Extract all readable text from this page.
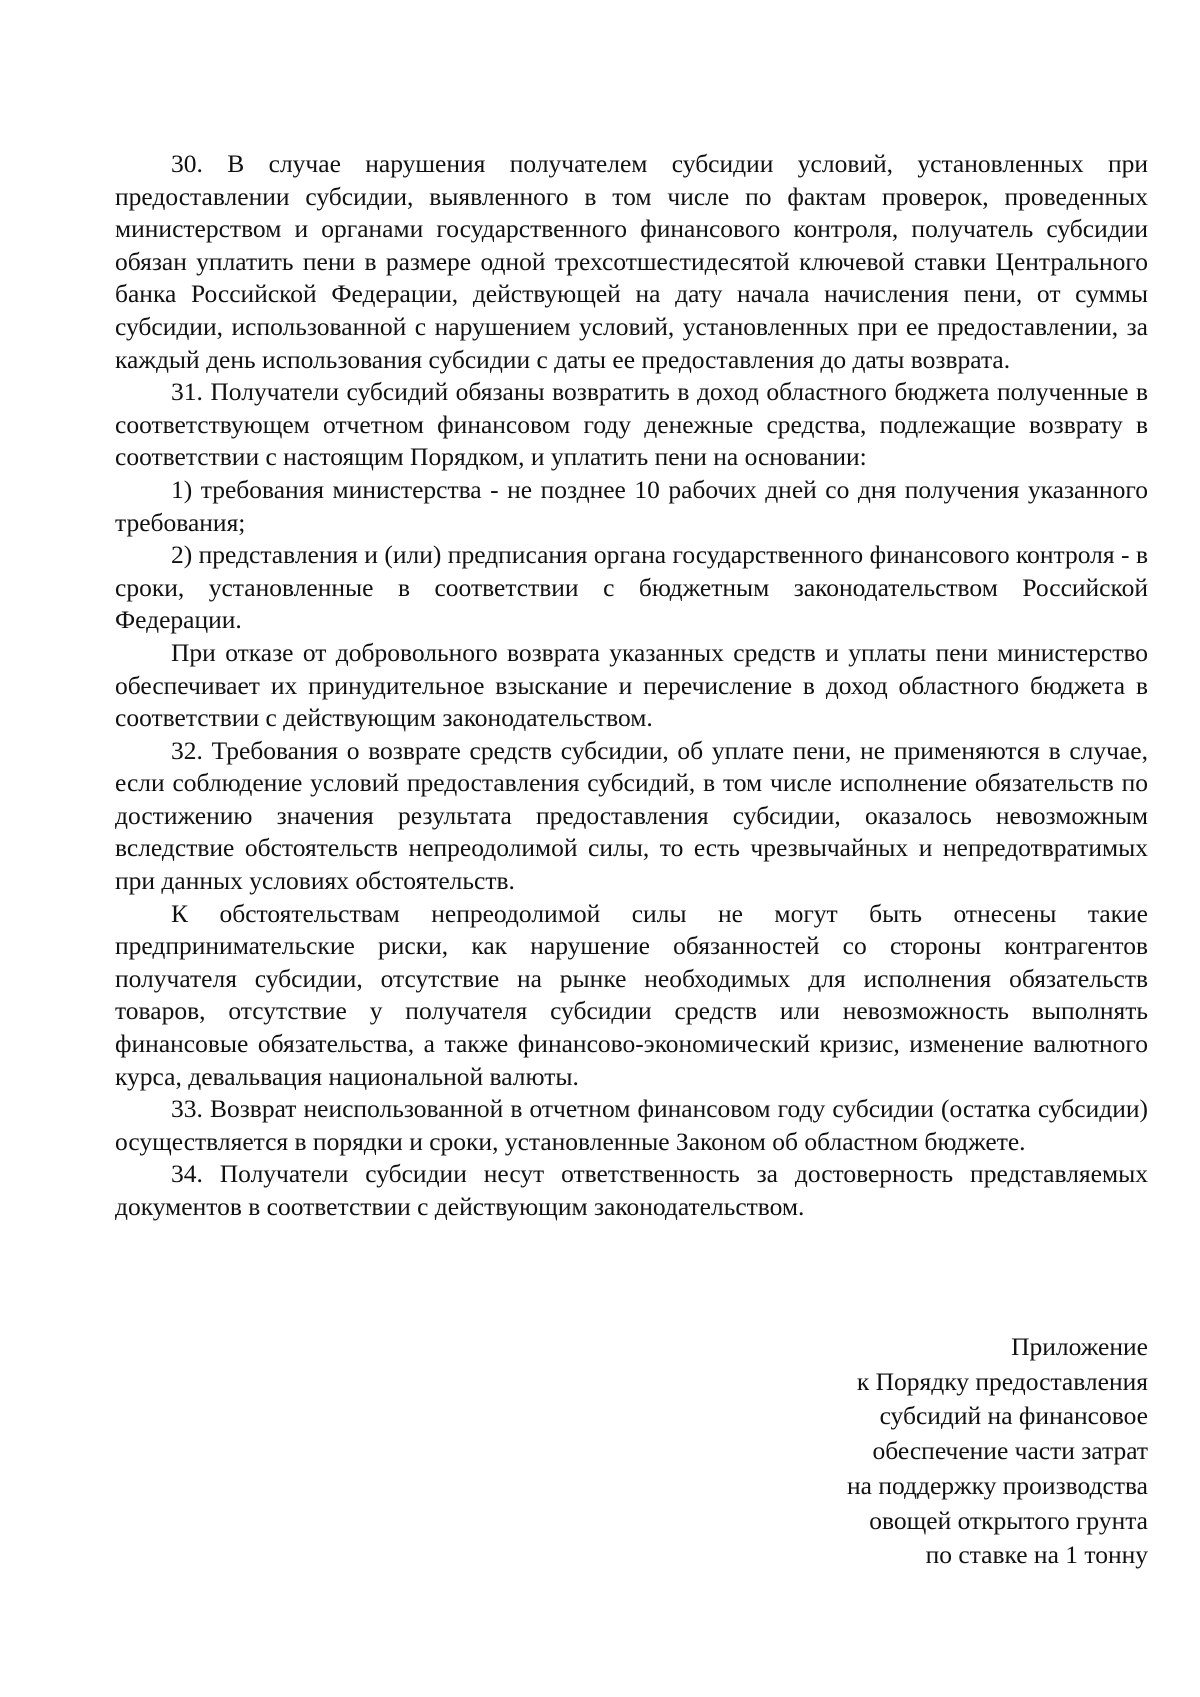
30. В случае нарушения получателем субсидии условий, установленных при предоставлении субсидии, выявленного в том числе по фактам проверок, проведенных министерством и органами государственного финансового контроля, получатель субсидии обязан уплатить пени в размере одной трехсотшестидесятой ключевой ставки Центрального банка Российской Федерации, действующей на дату начала начисления пени, от суммы субсидии, использованной с нарушением условий, установленных при ее предоставлении, за каждый день использования субсидии с даты ее предоставления до даты возврата.

31. Получатели субсидий обязаны возвратить в доход областного бюджета полученные в соответствующем отчетном финансовом году денежные средства, подлежащие возврату в соответствии с настоящим Порядком, и уплатить пени на основании:

1) требования министерства - не позднее 10 рабочих дней со дня получения указанного требования;

2) представления и (или) предписания органа государственного финансового контроля - в сроки, установленные в соответствии с бюджетным законодательством Российской Федерации.

При отказе от добровольного возврата указанных средств и уплаты пени министерство обеспечивает их принудительное взыскание и перечисление в доход областного бюджета в соответствии с действующим законодательством.

32. Требования о возврате средств субсидии, об уплате пени, не применяются в случае, если соблюдение условий предоставления субсидий, в том числе исполнение обязательств по достижению значения результата предоставления субсидии, оказалось невозможным вследствие обстоятельств непреодолимой силы, то есть чрезвычайных и непредотвратимых при данных условиях обстоятельств.

К обстоятельствам непреодолимой силы не могут быть отнесены такие предпринимательские риски, как нарушение обязанностей со стороны контрагентов получателя субсидии, отсутствие на рынке необходимых для исполнения обязательств товаров, отсутствие у получателя субсидии средств или невозможность выполнять финансовые обязательства, а также финансово-экономический кризис, изменение валютного курса, девальвация национальной валюты.

33. Возврат неиспользованной в отчетном финансовом году субсидии (остатка субсидии) осуществляется в порядки и сроки, установленные Законом об областном бюджете.

34. Получатели субсидии несут ответственность за достоверность представляемых документов в соответствии с действующим законодательством.

Приложение
к Порядку предоставления
субсидий на финансовое
обеспечение части затрат
на поддержку производства
овощей открытого грунта
по ставке на 1 тонну
